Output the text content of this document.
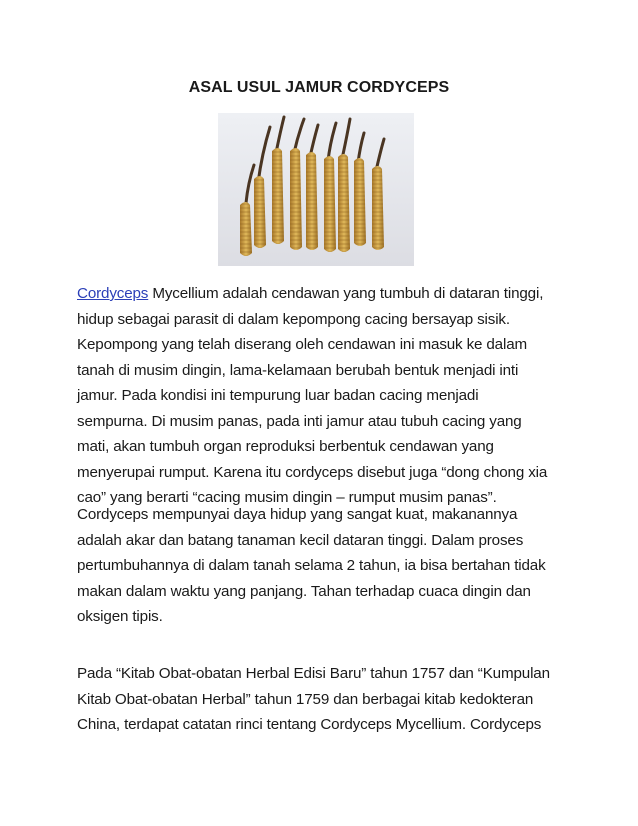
ASAL USUL JAMUR CORDYCEPS

Cordyceps Mycellium adalah cendawan yang tumbuh di dataran tinggi,

hidup sebagai parasit di dalam kepompong cacing bersayap sisik.

Kepompong yang telah diserang oleh cendawan ini masuk ke dalam

tanah di musim dingin, lama-kelamaan berubah bentuk menjadi inti

jamur. Pada kondisi ini tempurung luar badan cacing menjadi

sempurna. Di musim panas, pada inti jamur atau tubuh cacing yang

mati, akan tumbuh organ reproduksi berbentuk cendawan yang

menyerupai rumput. Karena itu cordyceps disebut juga “dong chong xia

cao” yang berarti “cacing musim dingin – rumput musim panas”.

Cordyceps mempunyai daya hidup yang sangat kuat, makanannya

adalah akar dan batang tanaman kecil dataran tinggi. Dalam proses

pertumbuhannya di dalam tanah selama 2 tahun, ia bisa bertahan tidak

makan dalam waktu yang panjang. Tahan terhadap cuaca dingin dan

oksigen tipis.

Pada “Kitab Obat-obatan Herbal Edisi Baru” tahun 1757 dan “Kumpulan

Kitab Obat-obatan Herbal” tahun 1759 dan berbagai kitab kedokteran

China, terdapat catatan rinci tentang Cordyceps Mycellium. Cordyceps
